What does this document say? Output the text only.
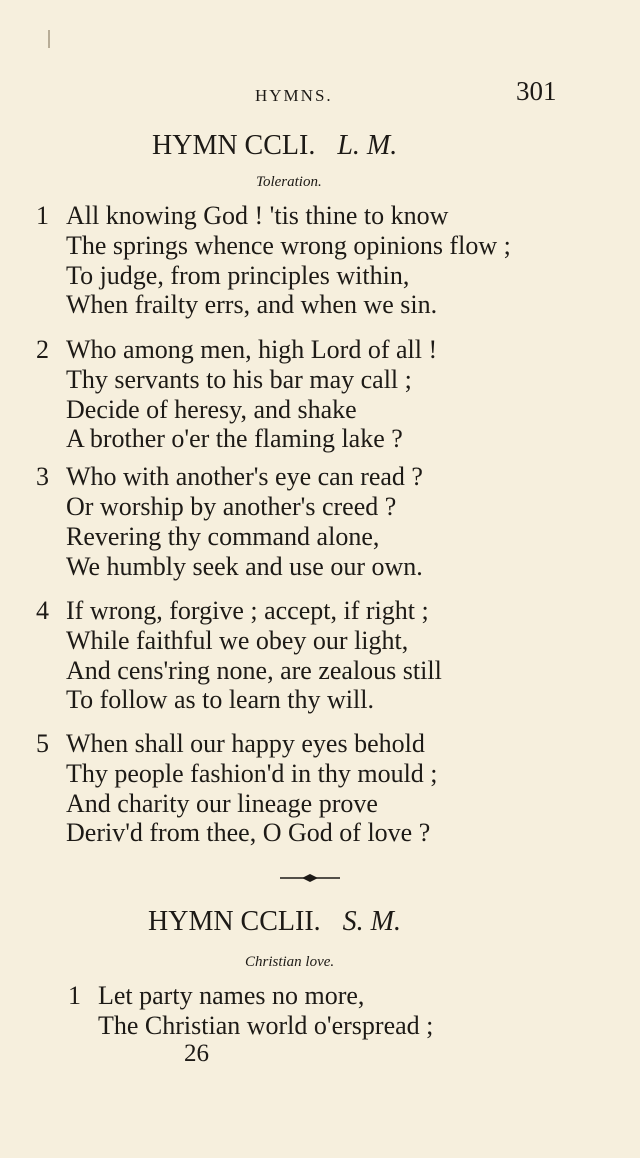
HYMNS.	301
HYMN CCLI. L. M.
Toleration.
1 All knowing God ! 'tis thine to know
The springs whence wrong opinions flow ;
To judge, from principles within,
When frailty errs, and when we sin.
2 Who among men, high Lord of all !
Thy servants to his bar may call ;
Decide of heresy, and shake
A brother o'er the flaming lake ?
3 Who with another's eye can read ?
Or worship by another's creed ?
Revering thy command alone,
We humbly seek and use our own.
4 If wrong, forgive ; accept, if right ;
While faithful we obey our light,
And cens'ring none, are zealous still
To follow as to learn thy will.
5 When shall our happy eyes behold
Thy people fashion'd in thy mould ;
And charity our lineage prove
Deriv'd from thee, O God of love ?
HYMN CCLII. S. M.
Christian love.
1 Let party names no more,
The Christian world o'erspread ;
26
